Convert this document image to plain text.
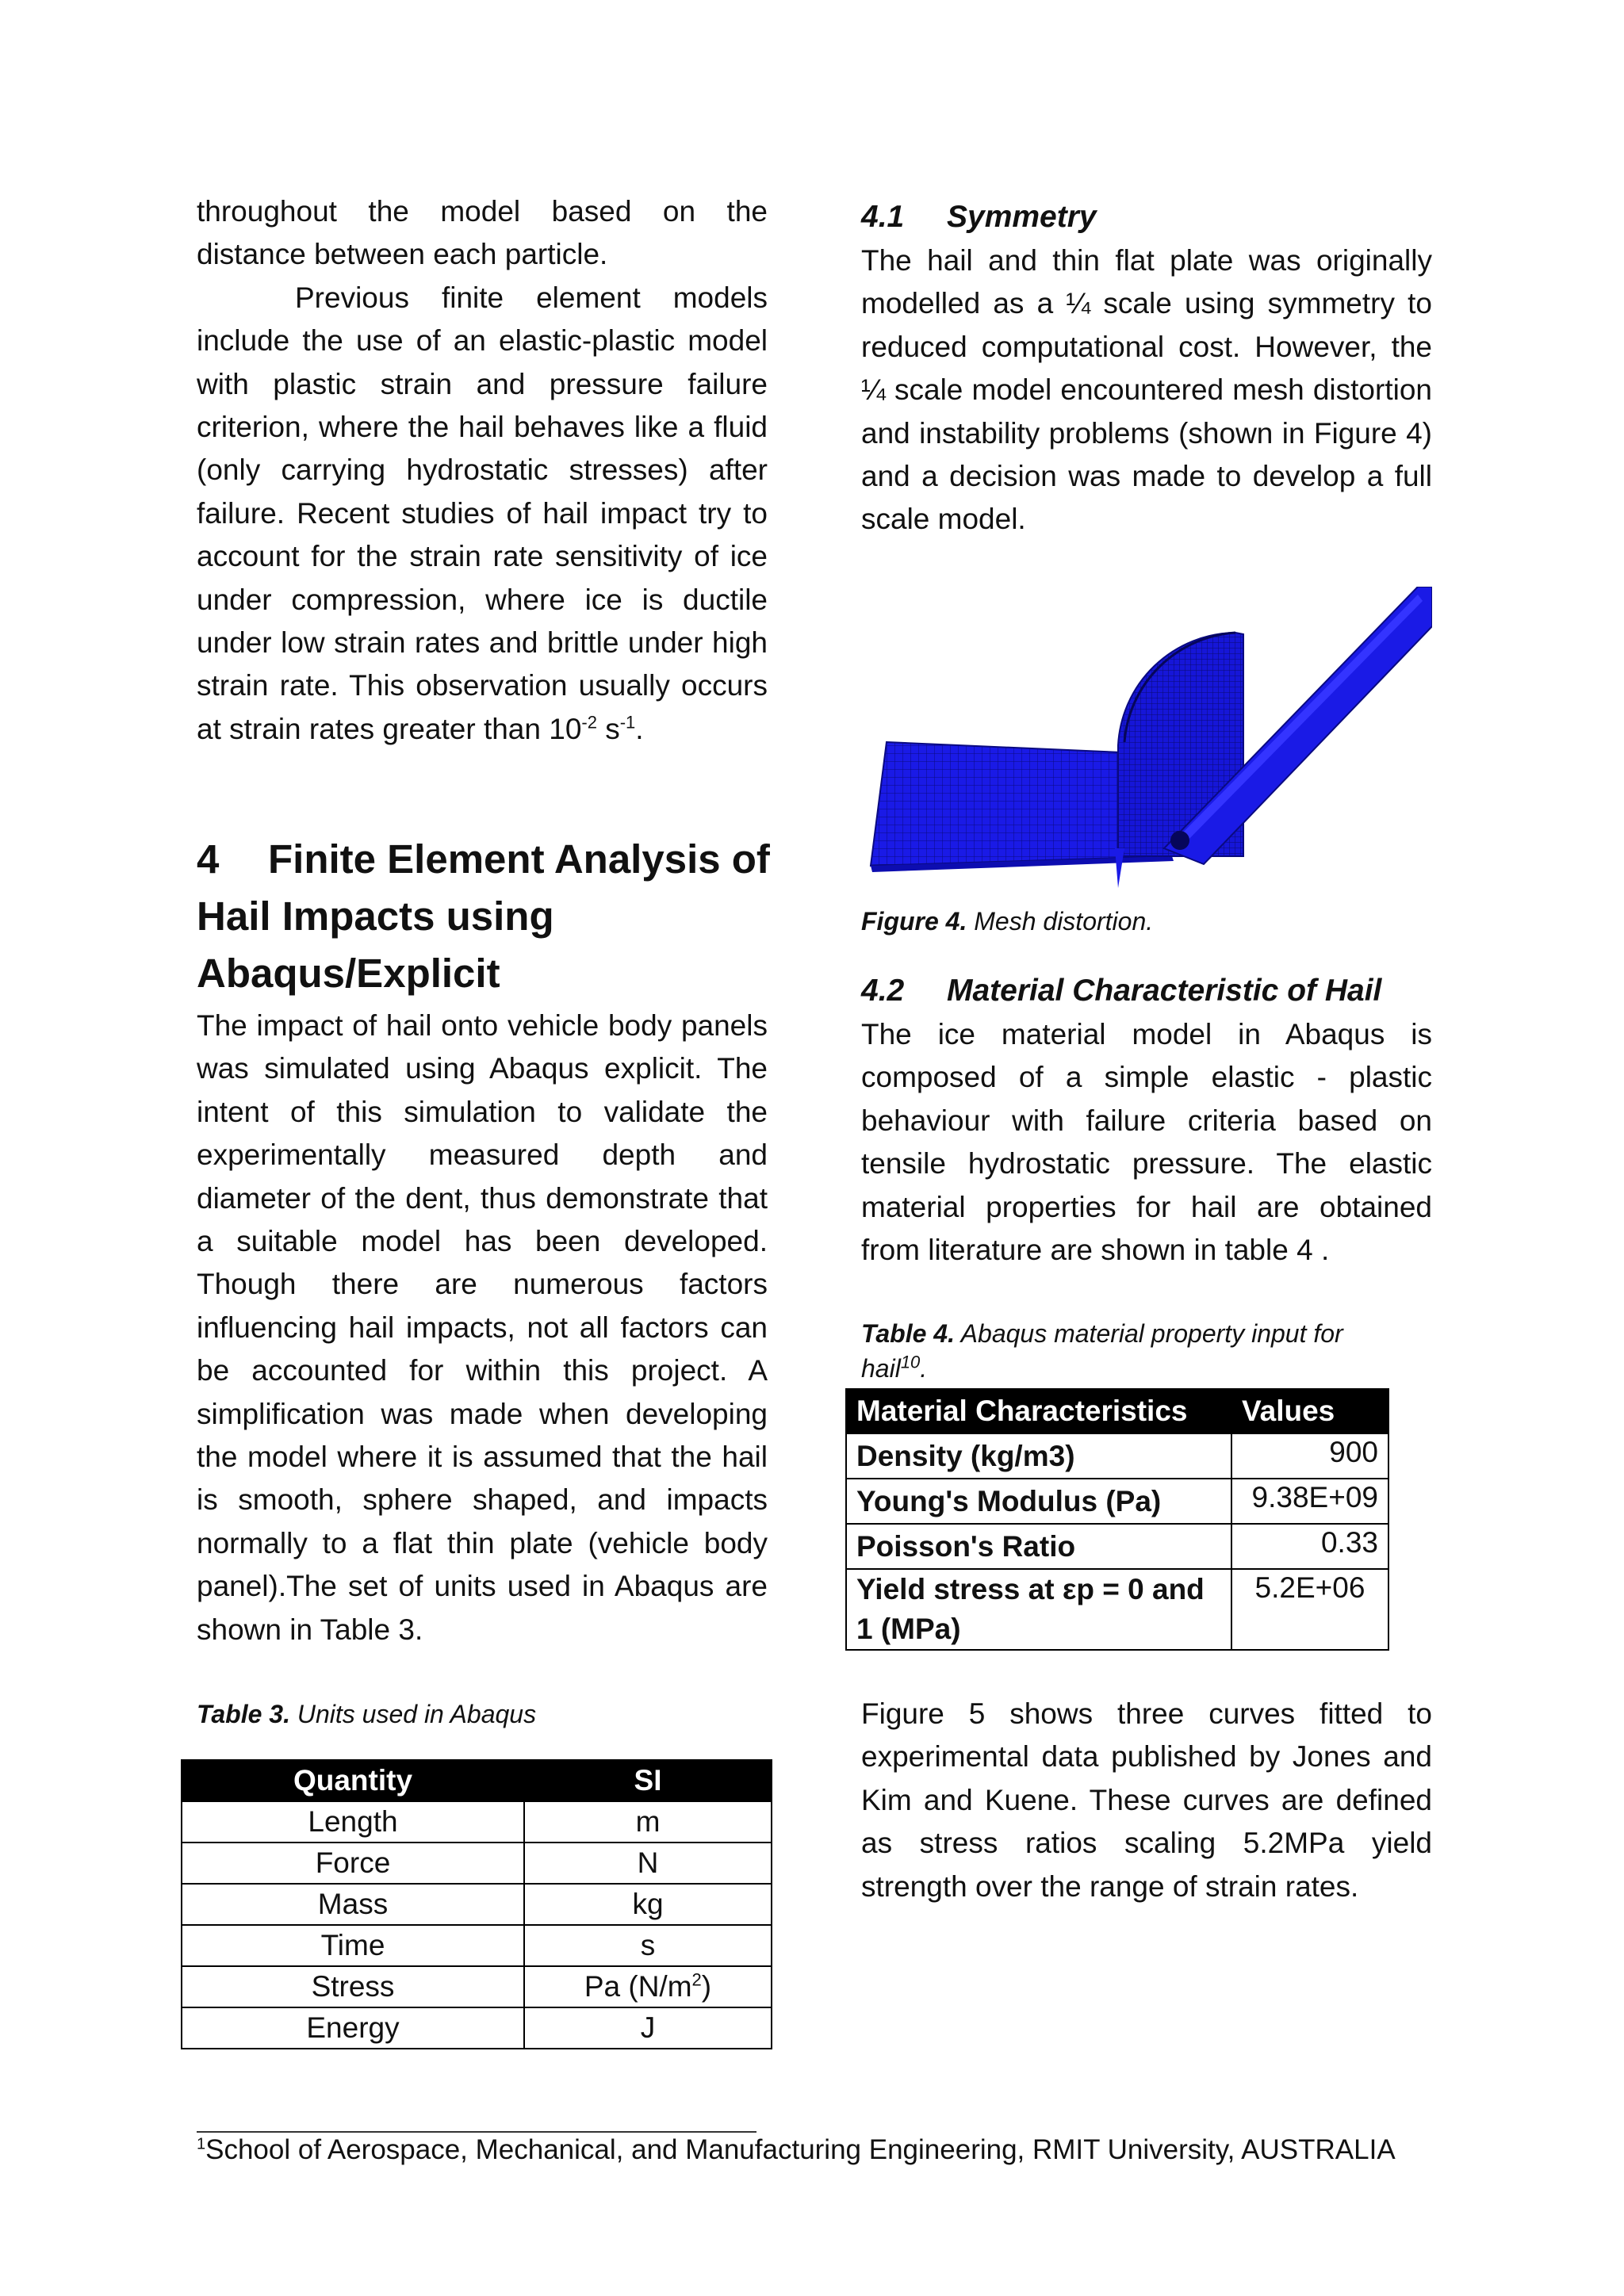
throughout the model based on the distance between each particle.

Previous finite element models include the use of an elastic-plastic model with plastic strain and pressure failure criterion, where the hail behaves like a fluid (only carrying hydrostatic stresses) after failure. Recent studies of hail impact try to account for the strain rate sensitivity of ice under compression, where ice is ductile under low strain rates and brittle under high strain rate. This observation usually occurs at strain rates greater than $10^{-2}$ $s^{-1}$.

4 Finite Element Analysis of
Hail Impacts using
Abaqus/Explicit

The impact of hail onto vehicle body panels was simulated using Abaqus explicit. The intent of this simulation to validate the experimentally measured depth and diameter of the dent, thus demonstrate that a suitable model has been developed. Though there are numerous factors influencing hail impacts, not all factors can be accounted for within this project. A simplification was made when developing the model where it is assumed that the hail is smooth, sphere shaped, and impacts normally to a flat thin plate (vehicle body panel).The set of units used in Abaqus are shown in Table 3.

Table 3. Units used in Abaqus

Quantity	SI
Length	m
Force	N
Mass	kg
Time	s
Stress	Pa $(N/m^2)$
Energy	J
4.1 Symmetry

The hail and thin flat plate was originally modelled as a ¼ scale using symmetry to reduced computational cost. However, the ¼ scale model encountered mesh distortion and instability problems (shown in Figure 4) and a decision was made to develop a full scale model.

Figure 4. Mesh distortion.

4.2 Material Characteristic of Hail

The ice material model in Abaqus is composed of a simple elastic - plastic behaviour with failure criteria based on tensile hydrostatic pressure. The elastic material properties for hail are obtained from literature are shown in table 4 .

Table 4. Abaqus material property input for
hail$^{10}$.

Material Characteristics	Values
Density (kg/m3)	900
Young's Modulus (Pa)	9.38E+09
Poisson's Ratio	0.33
Yield stress at εp = 0 and 1 (MPa)	5.2E+06

Figure 5 shows three curves fitted to experimental data published by Jones and Kim and Kuene. These curves are defined as stress ratios scaling 5.2MPa yield strength over the range of strain rates.

$^1$School of Aerospace, Mechanical, and Manufacturing Engineering, RMIT University, AUSTRALIA
